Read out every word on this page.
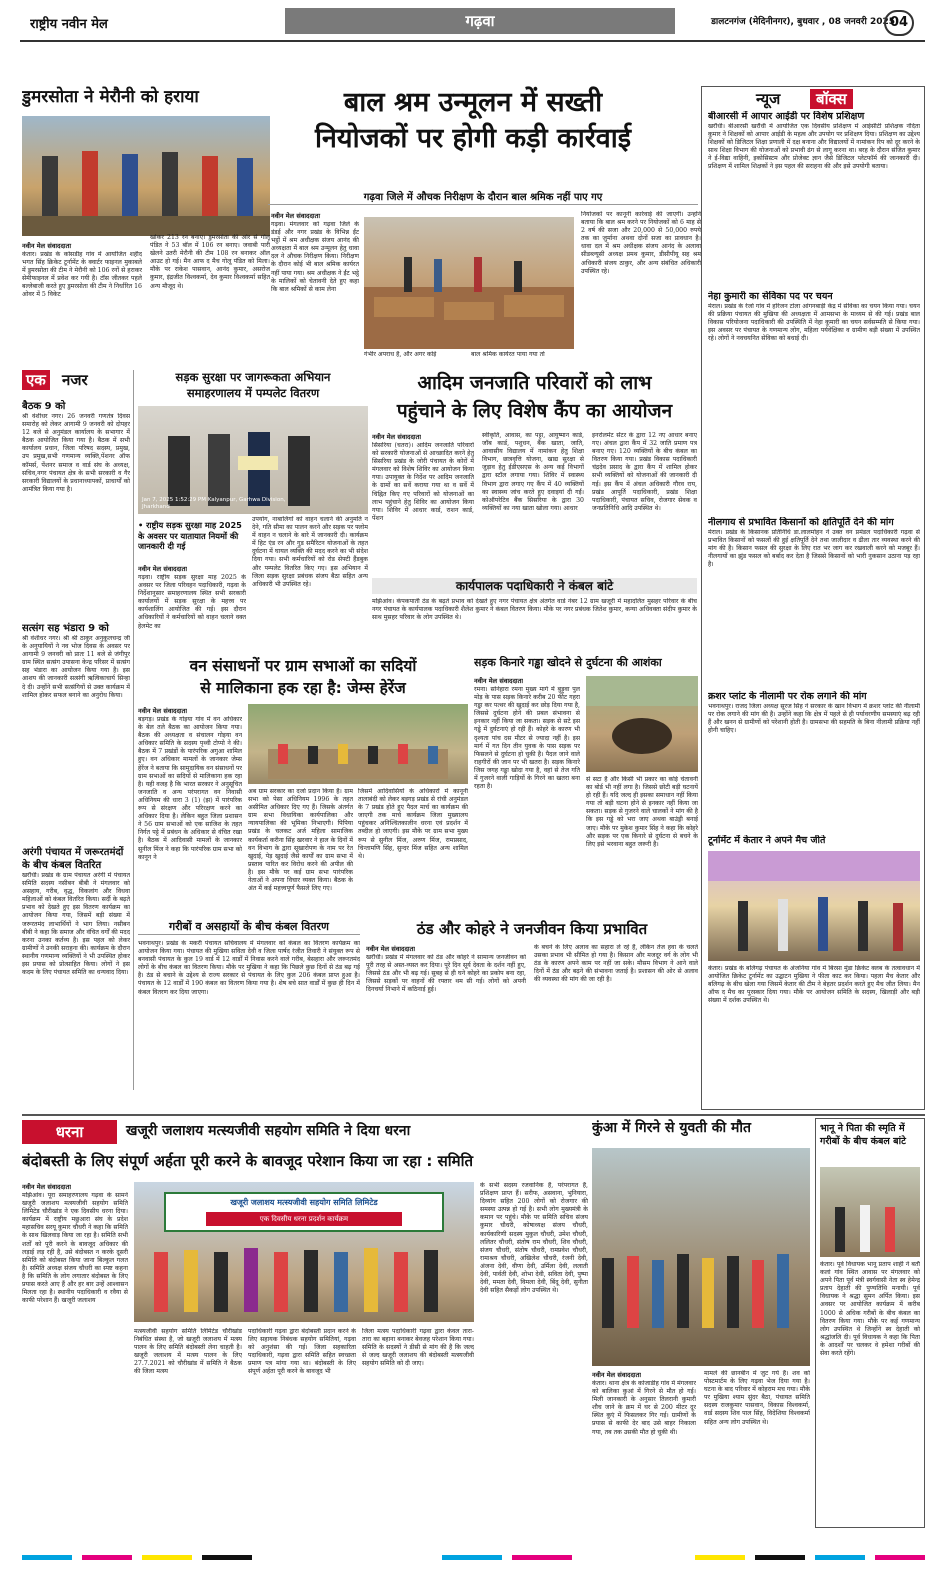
राष्ट्रीय नवीन मेल	गढ़वा	डालटनगंज (मेदिनीनगर), बुधवार , 08 जनवरी 2025
04
डुमरसोता ने मेरौनी को हराया
नवीन मेल संवाददाता
केतार। प्रखंड के कोसडीह गांव में आयोजित शहीद भगत सिंह क्रिकेट टूर्नामेंट के क्वार्टर फाइनल मुकाबले में डुमरसोता की टीम ने मेरौनी को 106 रनों से हराकर सेमीफाइनल में प्रवेश कर गयी है। टॉस जीतकर पहले बल्लेबाजी करते हुए डुमरसोता की टीम ने निर्धारित 16 ओवर में 5 विकेट
खोकर 213 रन बनाए। डुमरसोता की ओर से गोलू पंडित ने 53 बॉल में 106 रन बनाए। जवाबी पारी खेलने उतरी मेरौनी की टीम 108 रन बनाकर ऑल आउट हो गई। मैन आफ द मैच गोलू पंडित को मिला। मौके पर राकेश पासवान, आनंद कुमार, असरोज कुमार, इंद्रजीत विश्वकर्मा, देव कुमार विश्वकर्मा सहित अन्य मौजूद थे।
बाल श्रम उन्मूलन में सख्ती
नियोजकों पर होगी कड़ी कार्रवाई
गढ़वा जिले में औचक निरीक्षण के दौरान बाल श्रमिक नहीं पाए गए
नवीन मेल संवाददाता
गढ़वा। मंगलवार को गढ़वा जिले के डंडई और नगर प्रखंड के विभिन्न ईंट भट्ठों में श्रम अधीक्षक संजय आनंद की अध्यक्षता में बाल श्रम उन्मूलन हेतु धावा दल ने औचक निरीक्षण किया। निरीक्षण के दौरान कोई भी बाल श्रमिक कार्यरत नहीं पाया गया। श्रम अधीक्षक ने ईंट भट्ठे के मालिकों को चेतावनी देते हुए कहा कि बाल श्रमिकों से काम लेना
गंभीर अपराध है, और अगर कोई	बाल श्रमिक कार्यरत पाया गया तो
नियोजकों पर कानूनी कार्रवाई की जाएगी। उन्होंने बताया कि बाल श्रम करने पर नियोजकों को 6 माह से 2 वर्ष की सजा और 20,000 से 50,000 रुपये तक का जुर्माना अथवा दोनों सजा का प्रावधान है। धावा दल में श्रम अधीक्षक संजय आनंद के अलावा सीडब्ल्यूसी अध्यक्ष प्रमथ कुमार, डीसीपीयू सह श्रम अधिकारी संजय ठाकुर, और अन्य संबंधित अधिकारी उपस्थित रहे।
न्यूज	बॉक्स
बीआरसी में आपार आईडी पर विशेष प्रशिक्षण
खरौंधी। बीआरसी खरौंधी में आयोजित एक दिवसीय प्रशिक्षण में आईसीटी प्रशिक्षक नंदिता कुमार ने शिक्षकों को आपार आईडी के महत्व और उपयोग पर प्रशिक्षण दिया। प्रशिक्षण का उद्देश्य शिक्षकों को डिजिटल शिक्षा प्रणाली में दक्ष बनाना और विद्यालयों में नामांकन रिप को दूर करने के साथ शिक्षा विभाग की योजनाओं को प्रभावी ढंग से लागू करना था। बरह के दौरान संजित कुमार ने ई-विद्या वाहिनी, इकोसिस्टम और प्रोजेक्ट ज्ञान जैसे डिजिटल प्लेटफॉर्म की जानकारी दी। प्रशिक्षण में शामिल शिक्षकों ने इस पहल की सराहना की और इसे उपयोगी बताया।
नेहा कुमारी का सेविका पद पर चयन
मेराल। प्रखंड के रेजो गांव में हरिजन टोला आंगनबाड़ी केंद्र में सेविका का चयन किया गया। चयन की प्रक्रिया पंचायत की मुखिया की अध्यक्षता में आमसभा के माध्यम से की गई। प्रखंड बाल विकास परियोजना पदाधिकारी की उपस्थिति में नेहा कुमारी का चयन सर्वसम्मति से किया गया। इस अवसर पर पंचायत के गणमान्य लोग, महिला पर्यवेक्षिका व ग्रामीण बड़ी संख्या में उपस्थित रहे। लोगों ने नवचयनित सेविका को बधाई दी।
नीलगाय से प्रभावित किसानों को क्षतिपूर्ति देने की मांग
मेराल। प्रखंड के किसानक प्रतिनिधि डा.लालमोहन ने उक्त वन प्रमंडल पदाधिकारी गढ़वा से प्रभावित किसानों को फसलों की हुई क्षतिपूर्ति देने तथा जालीदार व ढीला तार व्यवस्था करने की मांग की है। किसान फसल की सुरक्षा के लिए रात भर जाग कर रखवाली करने को मजबूर हैं। नीलगायों का झुंड फसल को बर्बाद कर देता है जिससे किसानों को भारी नुकसान उठाना पड़ रहा है।
क्रशर प्लांट के नीलामी पर रोक लगाने की मांग
भवनाथपुर। राजद जिला अध्यक्ष सूरज सिंह ने सरकार के खान विभाग में क्रशर प्लांट की नीलामी पर रोक लगाने की मांग की है। उन्होंने कहा कि क्षेत्र में पहले से ही पर्यावरणीय समस्याएं बढ़ रही हैं और खनन से ग्रामीणों को परेशानी होती है। ग्रामसभा की सहमति के बिना नीलामी प्रक्रिया नहीं होनी चाहिए।
टूर्नामेंट में केतार ने अपने मैच जीते
केतार। प्रखंड के बलिगढ़ पंचायत के अंजनिया गांव में बिरसा मुंडा क्रिकेट क्लब के तत्वावधान में आयोजित क्रिकेट टूर्नामेंट का उद्घाटन मुखिया ने फीता काट कर किया। पहला मैच केतार और बलिगढ़ के बीच खेला गया जिसमें केतार की टीम ने बेहतर प्रदर्शन करते हुए मैच जीत लिया। मैन ऑफ द मैच का पुरस्कार दिया गया। मौके पर आयोजन समिति के सदस्य, खिलाड़ी और बड़ी संख्या में दर्शक उपस्थित थे।
एक नजर
बैठक 9 को
श्री वंशीधर नगर। 26 जनवरी गणतंत्र दिवस समारोह को लेकर आगामी 9 जनवरी को दोपहर 12 बजे से अनुमंडल कार्यालय के सभागार में बैठक आयोजित किया गया है। बैठक में सभी कार्यालय प्रधान, जिला परिषद सदस्य, प्रमुख, उप प्रमुख,सभी गणमान्य व्यक्ति,पेंशनर ऑफ कॉमर्स, पेंशनर समाज व वार्ड संघ के अध्यक्ष, सचिव,नगर पंचायत क्षेत्र के सभी सरकारी व गैर सरकारी विद्यालयों के प्रधानाध्यापकों, प्राचार्यों को आमंत्रित किया गया है।
सत्संग सह भंडारा 9 को
श्री वंशीधर नगर। श्री श्री ठाकुर अनुकूलचन्द्र जी के अनुयायियों ने नव भोज दिवस के अवसर पर आगामी 9 जनवरी को प्रातः 11 बजे से जंगीपुर ग्राम स्थित सत्संग उपासना केन्द्र परिसर में सत्संग सह भंडारा का आयोजन किया गया है। इस आशय की जानकारी सत्संगी ऋत्विकाचार्य सिन्हा दे दी। उन्होंने सभी सत्संगियों से उक्त कार्यक्रम में शामिल होकर सफल बनाने का अनुरोध किया।
अरंगी पंचायत में जरूरतमंदों के बीच कंबल वितरित
खरौंधी। प्रखंड के ग्राम पंचायत अरंगी में पंचायत समिति सदस्य नसीबन बीबी ने मंगलवार को असहाय, गरीब, वृद्ध, विकलांग और विधवा महिलाओं को कंबल वितरित किया। सर्दी के बढ़ते प्रभाव को देखते हुए इस वितरण कार्यक्रम का आयोजन किया गया, जिसमें बड़ी संख्या में जरूरतमंद लाभार्थियों ने भाग लिया। नसीबन बीबी ने कहा कि समाज और वंचित वर्गों की मदद करना उनका कर्तव्य है। इस पहल को लेकर ग्रामीणों ने उनकी सराहना की। कार्यक्रम के दौरान स्थानीय गणमान्य व्यक्तियों ने भी उपस्थित होकर इस प्रयास को प्रोत्साहित किया। लोगों ने इस कदम के लिए पंचायत समिति का धन्यवाद दिया।
सड़क सुरक्षा पर जागरूकता अभियान
समाहरणालय में पम्पलेट वितरण
Jan 7, 2025 1:52:29 PM Kalyanpur, Garhwa Division, Jharkhand
• राष्ट्रीय सड़क सुरक्षा माह 2025 के अवसर पर यातायात नियमों की जानकारी दी गई
नवीन मेल संवाददाता
गढ़वा। राष्ट्रीय सड़क सुरक्षा माह 2025 के अवसर पर जिला परिवहन पदाधिकारी, गढ़वा के निर्देशानुसार समाहरणालय स्थित सभी सरकारी कार्यालयों में सड़क सुरक्षा के महत्त्व पर कार्यशालिंग आयोजित की गई। इस दौरान अधिकारियों ने कर्मचारियों को वाहन चलाने वक्त हेलमेट का
उपयोग, नाबालिगों को वाहन चलाने की अनुमति न देने, गति सीमा का पालन करने और सड़क पर फ्लोम में वाहन न चलाने के बारे में जानकारी दी। कार्यक्रम में हिट एंड रन और गुड समैरिटन योजनाओं के तहत दुर्घटना में घायल व्यक्ति की मदद करने का भी संदेश दिया गया। सभी कर्मचारियों को रोड सेफ्टी हैंडबुक और पम्पलेट वितरित किए गए। इस अभियान में जिला सड़क सुरक्षा प्रबंधक संजय बैठा सहित अन्य अधिकारी भी उपस्थित रहे।
आदिम जनजाति परिवारों को लाभ
पहुंचाने के लिए विशेष कैंप का आयोजन
नवीन मेल संवाददाता
सिसरिया (चतरा)। आदिम जनजाति परिवारों को सरकारी योजनाओं से आच्छादित करने हेतु सिसरिया प्रखंड के जोरी पंचायत के कोरों में मंगलवार को विशेष शिविर का आयोजन किया गया। उपायुक्त के निर्देश पर आदिम जनजाति के ग्रामों का सर्वे कराया गया था व सर्वे में चिह्नित किए गए परिवारों को योजनाओं का लाभ पहुंचाने हेतु शिविर का आयोजन किया गया। शिविर में आधार कार्ड, राशन कार्ड, पेंशन
स्वीकृति, आवास, का पट्टा, आयुष्मान कार्ड, जॉब कार्ड, पशुधन, बैंक खाता, जाति, आवासीय विद्यालय में नामांकन हेतु शिक्षा विभाग, छात्रवृत्ति योजना, खाद्य सुरक्षा से जुड़ाव हेतु ईडीएसएस के अन्य कई विभागों द्वारा स्टॉल लगाया गया। शिविर में स्वास्थ्य विभाग द्वारा लगाए गए कैंप में 40 व्यक्तियों का स्वास्थ्य जांच करते हुए दवाइयां दी गईं। कोऑपरेटिव बैंक सिसरिया के द्वारा 30 व्यक्तियों का नया खाता खोला गया। आधार
इनरोलमेंट सेंटर के द्वारा 12 नए आधार बनाए गए। अंचल द्वारा कैंप में 32 जाति प्रमाण पत्र बनाए गए। 120 व्यक्तियों के बीच कंबल का वितरण किया गया। प्रखंड विकास पदाधिकारी चंद्रदेव प्रसाद के द्वारा कैंप में शामिल होकर सभी व्यक्तियों को योजनाओं की जानकारी दी गई। इस कैंप में अंचल अधिकारी गौरव राय, प्रखंड आपूर्ति पदाधिकारी, प्रखंड शिक्षा पदाधिकारी, पंचायत सचिव, रोजगार सेवक व जनप्रतिनिधि आदि उपस्थित थे।
कार्यपालक पदाधिकारी ने कंबल बांटे
मझिआंव। कंपकपाती ठंड के बढ़ते प्रभाव को देखते हुए नगर पंचायत क्षेत्र अंतर्गत वार्ड नंबर 12 ग्राम खजूरी में महादलित मुसहर परिवार के बीच नगर पंचायत के कार्यपालक पदाधिकारी शैलेश कुमार ने कंबल वितरण किया। मौके पर नगर प्रबंधक जितेश कुमार, कन्या अधिवक्ता संदीप कुमार के साथ मुसहर परिवार के लोग उपस्थित थे।
वन संसाधनों पर ग्राम सभाओं का सदियों
से मालिकाना हक रहा है: जेम्स हेरेंज
नवीन मेल संवाददाता
बड़गड़। प्रखंड के गोइया गांव में वन अधिकार के बेल तले बैठक का आयोजन किया गया। बैठक की अध्यक्षता व संचालन गोइया वन अधिकार समिति के सदस्य पृथ्वी टोप्पो ने की। बैठक में 7 प्रखंडों के पारंपरिक अगुआ शामिल हुए। वन अधिकार मामलों के जानकार जेम्स हेरेंज ने बताया कि सामुदायिक वन संसाधनों पर ग्राम सभाओं का सदियों से मालिकाना हक रहा है। यही वजह है कि भारत सरकार ने अनुसूचित जनजाति व अन्य परंपरागत वन निवासी अधिनियम की धारा 3 (1) (झ) में पारंपरिक रूप से संरक्षण और परिरक्षण करने का अधिकार दिया है। लेकिन बहुत जिला प्रशासन ने 56 ग्राम सभाओं को एक साजिश के तहत निर्गत पट्टे में प्रबंधन के अधिकार से वंचित रखा है। बैठक में आदिवासी मामलों के जानकार सुनील मिंज ने कहा कि पारंपरिक ग्राम सभा को कानून ने
अब ग्राम सरकार का दर्जा प्रदान किया है। ग्राम सभा को पेसा अधिनियम 1996 के तहत असीमित अधिकार दिए गए हैं। जिसके अंतर्गत ग्राम सभा विधायिका कार्यपालिका और न्यायपालिका की भूमिका निभाएगी। पिपिया प्रखंड के चलकट अर्ज महिला सामाजिक कार्यकर्ता करीना सिंह खरवार ने हाल के दिनों में वन विभाग के द्वारा सूखारोपण के नाम पर रेत खुदाई, पेड़ खुदाई जैसे कार्यों का ग्राम सभा में प्रस्ताव पारित कर विरोध करने की अपील की है। इस मौके पर कई ग्राम सभा पारंपरिक नेताओं ने अपना विचार व्यक्त किया। बैठक के अंत में कई महत्त्वपूर्ण फैसले लिए गए।
जिसमें आदिवासियों के अधिकारों में कानूनी तालाबंदी को लेकर बड़गड़ प्रखंड से रांची अनुमंडल के 7 प्रखंड होते हुए पैदल मार्च का कार्यक्रम की जाएगी तक मार्च कार्यक्रम जिला मुख्यालय पहुंचकर अनिश्चितकालीन धरना एवं प्रदर्शन में तब्दील हो जाएगी। इस मौके पर ग्राम सभा मुख्य रूप से सुनील मिंज, अरुण मिंज, रामप्रसाद, चिन्तामणि सिंह, सुन्दर मिंज सहित अन्य शामिल थे।
सड़क किनारे गड्ढा खोदने से दुर्घटना की आशंका
नवीन मेल संवाददाता
रमना। सोनेहारा रमना मुख्य मार्ग में बुड़ुवा पुल मोड़ के पास सड़क किनारे करीब 20 फीट गहरा गड्ढा कर पत्थर की खुदाई कर छोड़ दिया गया है, जिससे दुर्घटना होने की प्रबल संभावना से इनकार नहीं किया जा सकता। सड़क से सटे इस गड्ढे में दुर्घटनाएं हो रही हैं। कोहरे के कारण भी दृश्यता पांच दस मीटर से ज्यादा नहीं है। इस मार्ग में गत दिन तीन युवक के पास सड़क पर फिसलने से दुर्घटना हो चुकी है। पैदल जाने वाले राहगीरों की जान पर भी खतरा है। सड़क किनारे जिस जगह गड्ढा खोदा गया है, वहां से तेज गति में गुजरने वाली गाड़ियों के गिरने का खतरा बना रहता है।
से सटा है और किसी भी प्रकार का कोई चेतावनी का बोर्ड भी नहीं लगा है। जिससे छोटी बड़ी घटनायें हो रही हैं। यदि जल्द ही इसका समाधान नहीं किया गया तो बड़ी घटना होने से इनकार नहीं किया जा सकता। सड़क से गुजरने वाले चालकों ने मांग की है कि इस गड्ढे को भरा जाए अथवा बाउंड्री बनाई जाए। मौके पर मुकेश कुमार सिंह ने कहा कि कोहरे और सड़क पर एक किनारे से दुर्घटना से बचने के लिए इसे भरवाना बहुत जरूरी है।
गरीबों व असहायों के बीच कंबल वितरण
भवनाथपुर। प्रखंड के मकरी पंचायत सचिवालय में मंगलवार को कंबल का वितरण कार्यक्रम का आयोजन किया गया। पंचायत की मुखिया सविता देवी व जिला पार्षद रंजीत तिवारी ने संयुक्त रूप से बनवासी पंचायत के कुल 19 वार्ड में 12 वार्डों में निवास करने वाले गरीब, बेसहारा और जरूरतमंद लोगों के बीच कंबल का वितरण किया। मौके पर मुखिया ने कहा कि पिछले कुछ दिनों से ठंड बढ़ गई है। ठंड से बचाने के उद्देश्य से राज्य सरकार से पंचायत के लिए कुल 206 कंबल प्राप्त हुआ है। पंचायत के 12 वार्डों में 190 कंबल का वितरण किया गया है। शेष बचे सात वार्डों में कुछ ही दिन में कंबल वितरण कर दिया जाएगा।
ठंड और कोहरे ने जनजीवन किया प्रभावित
नवीन मेल संवाददाता
खरौंधी। प्रखंड में मंगलवार को ठंड और कोहरे ने सामान्य जनजीवन को पूरी तरह से अस्त-व्यस्त कर दिया। पूरे दिन सूर्य देवता के दर्शन नहीं हुए, जिससे ठंड और भी बढ़ गई। सुबह से ही घने कोहरे का प्रकोप बना रहा, जिससे सड़कों पर वाहनों की रफ्तार थम सी गई। लोगों को अपनी दिनचर्या निभाने में कठिनाई हुई।
के बचने के लिए अलाव का सहारा ले रहे हैं, लेकिन तेज हवा के चलते उसका प्रभाव भी सीमित हो गया है। किसान और मजदूर वर्ग के लोग भी ठंड के कारण अपने काम पर नहीं जा सके। मौसम विभाग ने आने वाले दिनों में ठंड और बढ़ने की संभावना जताई है। प्रशासन की ओर से अलाव की व्यवस्था की मांग की जा रही है।
धरना	खजूरी जलाशय मत्स्यजीवी सहयोग समिति ने दिया धरना
बंदोबस्ती के लिए संपूर्ण अर्हता पूरी करने के बावजूद परेशान किया जा रहा : समिति
नवीन मेल संवाददाता
मझिआंव। पूरा समाहरणालय गढ़वा के सामने खजूरी जलाशय मत्स्यजीवी सहयोग समिति लिमिटेड चौरीखांड ने एक दिवसीय धरना दिया। कार्यक्रम में राष्ट्रीय मछुआरा संघ के प्रदेश महासचिव सरयू कुमार चौधरी ने कहा कि समिति के साथ खिलवाड़ किया जा रहा है। समिति सभी शर्तों को पूरी करने के बावजूद अधिकार की लड़ाई लड़ रही है, उसे बंदोबस्त न करके दूसरी समिति को बंदोबस्त किया जाना बिल्कुल गलत है। समिति अध्यक्ष संजय चौधरी का स्पष्ट कहना है कि समिति के लोग लगातार बंदोबस्त के लिए प्रयास करते आए हैं और हर बार उन्हें आश्वासन मिलता रहा है। स्थानीय पदाधिकारी व रवैया से काफी परेशान हैं। खजूरी जलाशय
खजूरी जलाशय मत्स्यजीवी सहयोग समिति लिमिटेड
एक दिवसीय धरना प्रदर्शन कार्यक्रम
के सभी सदस्य रजवानिक हैं, परंपरागत हैं, प्रशिक्षण प्राप्त हैं। सरीफ, असवाना, भुनियारा, दिव्यांग सहित 200 लोगों को रोजगार की समस्या उत्पन्न हो गई है। सभी लोग मुख्यमंत्री के कमान पर पहुंचे। मौके पर समिति सचिव संजय कुमार चौधरी, कोषाध्यक्ष संजय चौधरी, कार्यकारिणी सदस्य मुकुल चौधरी, उमेश चौधरी, ललितर चौधरी, संतोष राम चौधरी, शिव चौधरी, संजय चौधरी, संतोष चौधरी, रामप्रवेश चौधरी, रामाश्रय चौधरी, अखिलेश चौधरी, रंजनी देवी, अंजना देवी, वीणा देवी, उर्मिला देवी, ललाती देवी, पार्वती देवी, शोभा देवी, सविता देवी, पुष्पा देवी, ममता देवी, विमला देवी, बिंदू देवी, सुनीता देवी सहित सैकड़ों लोग उपस्थित थे।
मत्स्यजीवी सहयोग समिति लिमिटेड चौरीखांड निबंधित संस्था है, जो खजूरी जलाशय में मत्स्य पालन के लिए समिति बंदोबस्ती लेना चाहती है। खजूरी जलाशय में मत्स्य पालन के लिए 27.7.2021 को चौरीखांड में समिति ने बैठक की जिला मत्स्य
पदाधिकारी गढ़वा द्वारा बंदोबस्ती प्रदान करने के लिए सहायक निबंधक सहयोग समितियां, गढ़वा को अनुशंसा की गई। जिला सहकारिता पदाधिकारी, गढ़वा द्वारा समिति सहित स्वच्छता प्रमाण पत्र मांगा गया था। बंदोबस्ती के लिए संपूर्ण अर्हता पूरी करने के बावजूद भी
जिला मत्स्य पदाधिकारी गढ़वा द्वारा केवल तारा-तारा का बहाना बनाकर बेवजह परेशान किया गया। समिति के सदस्यों ने डीसी से मांग की है कि जल्द से जल्द खजूरी जलाशय की बंदोबस्ती मत्स्यजीवी सहयोग समिति को दी जाए।
कुंआ में गिरने से युवती की मौत
नवीन मेल संवाददाता
केतार। थाना क्षेत्र के कोजाडीह गांव में मंगलवार को बालिका कुआं में गिरने से मौत हो गई। मिली जानकारी के अनुसार तिलरानी कुमारी शौच जाने के क्रम में घर से 200 मीटर दूर स्थित कुएं में फिसलकर गिर गई। ग्रामीणों के प्रयास से काफी देर बाद उसे बाहर निकाला गया, तब तक उसकी मौत हो चुकी थी।
मामले की छानबीन में जुट गये हैं। शव को पोस्टमार्टम के लिए गढ़वा भेज दिया गया है। घटना के बाद परिवार में कोहराम मच गया। मौके पर मुखिया श्याम सुंदर बैठा, पंचायत समिति सदस्य राजकुमार पासवान, विकास विश्वकर्मा, वार्ड सदस्य शिव पाल सिंह, विदेशिया विश्वकर्मा सहित अन्य लोग उपस्थित थे।
भानू ने पिता की स्मृति में गरीबों के बीच कंबल बांटे
केतार। पूर्व विधायक भानू प्रताप शाही ने बतौ कलां गांव स्थित आवास पर मंगलवार को अपने पिता पूर्व मंत्री स्वर्गवासी नेता स्व हेमेन्द्र प्रताप देहाती की पुण्यतिथि मनायी। पूर्व विधायक ने श्रद्धा सुमन अर्पित किया। इस अवसर पर आयोजित कार्यक्रम में करीब 1000 से अधिक गरीबों के बीच कंबल का वितरण किया गया। मौके पर कई गणमान्य लोग उपस्थित थे जिन्होंने स्व देहाती को श्रद्धांजलि दी। पूर्व विधायक ने कहा कि पिता के आदर्शों पर चलकर वे हमेशा गरीबों की सेवा करते रहेंगे।
